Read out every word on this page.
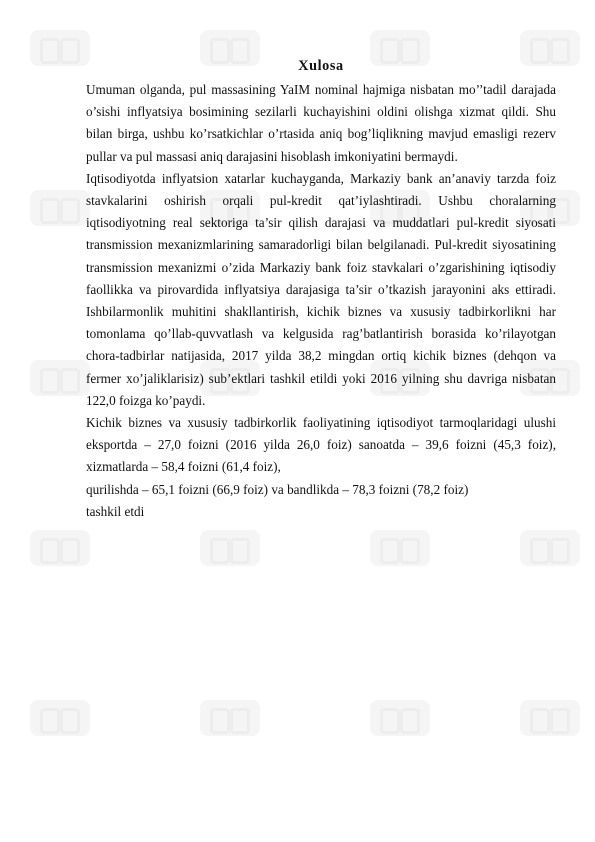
Xulosa

Umuman olganda, pul massasining YaIM nominal hajmiga nisbatan mo’’tadil darajada o’sishi inflyatsiya bosimining sezilarli kuchayishini oldini olishga xizmat qildi. Shu bilan birga, ushbu ko’rsatkichlar o’rtasida aniq bog’liqlikning mavjud emasligi rezerv pullar va pul massasi aniq darajasini hisoblash imkoniyatini bermaydi.

Iqtisodiyotda inflyatsion xatarlar kuchayganda, Markaziy bank an’anaviy tarzda foiz stavkalarini oshirish orqali pul-kredit qat’iylashtiradi. Ushbu choralarning iqtisodiyotning real sektoriga ta’sir qilish darajasi va muddatlari pul-kredit siyosati transmission mexanizmlarining samaradorligi bilan belgilanadi. Pul-kredit siyosatining transmission mexanizmi o’zida Markaziy bank foiz stavkalari o’zgarishining iqtisodiy faollikka va pirovardida inflyatsiya darajasiga ta’sir o’tkazish jarayonini aks ettiradi. Ishbilarmonlik muhitini shakllantirish, kichik biznes va xususiy tadbirkorlikni har tomonlama qo’llab-quvvatlash va kelgusida rag’batlantirish borasida ko’rilayotgan chora-tadbirlar natijasida, 2017 yilda 38,2 mingdan ortiq kichik biznes (dehqon va fermer xo’jaliklarisiz) sub’ektlari tashkil etildi yoki 2016 yilning shu davriga nisbatan 122,0 foizga ko’paydi.

Kichik biznes va xususiy tadbirkorlik faoliyatining iqtisodiyot tarmoqlaridagi ulushi eksportda – 27,0 foizni (2016 yilda 26,0 foiz) sanoatda – 39,6 foizni (45,3 foiz), xizmatlarda – 58,4 foizni (61,4 foiz),

qurilishda – 65,1 foizni (66,9 foiz) va bandlikda – 78,3 foizni (78,2 foiz)

tashkil etdi
